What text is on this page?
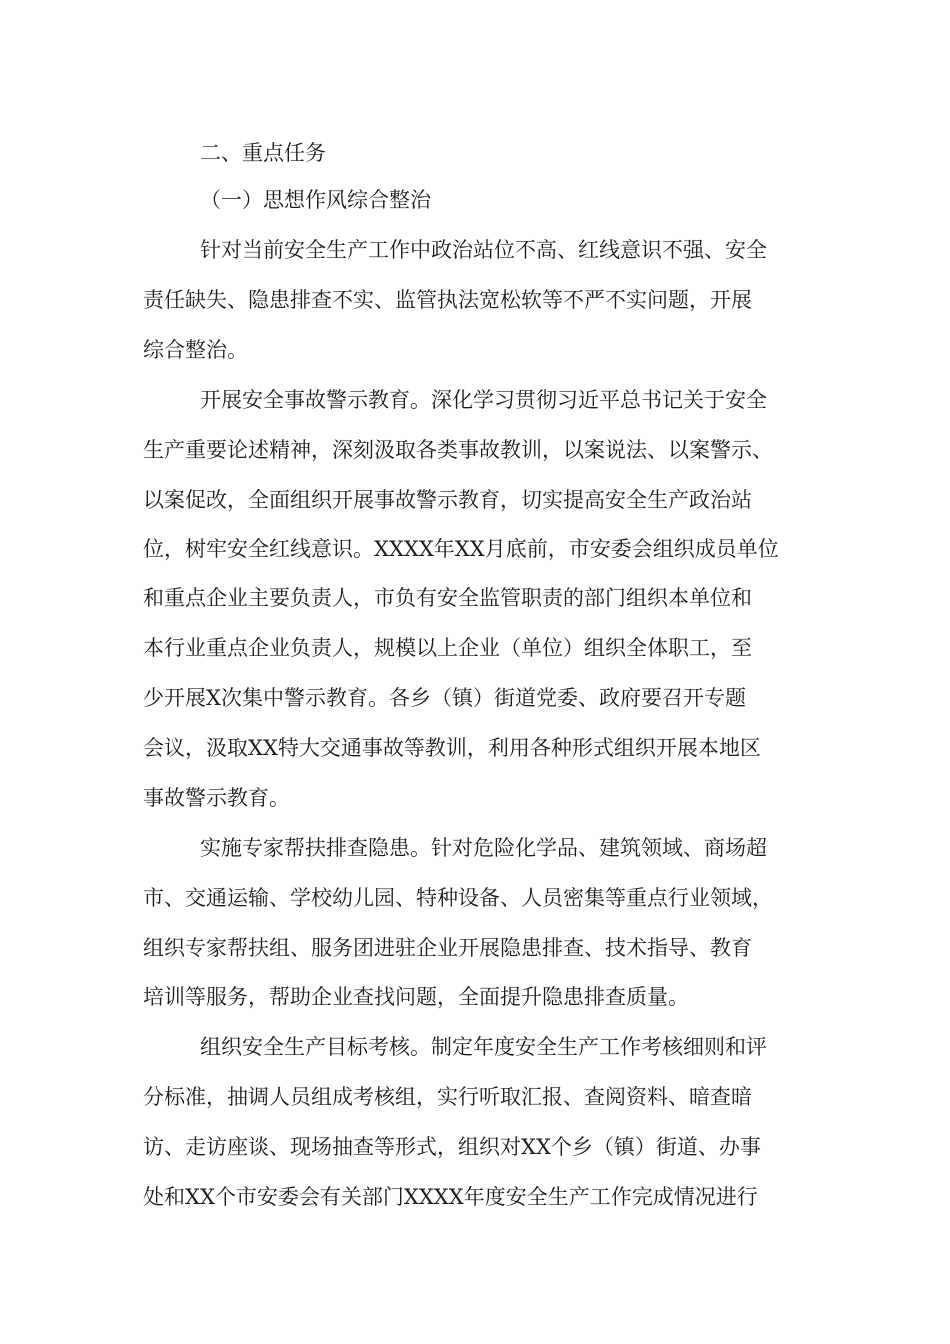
二、重点任务
（一）思想作风综合整治
针对当前安全生产工作中政治站位不高、红线意识不强、安全
责任缺失、隐患排查不实、监管执法宽松软等不严不实问题，开展
综合整治。
开展安全事故警示教育。深化学习贯彻习近平总书记关于安全
生产重要论述精神，深刻汲取各类事故教训，以案说法、以案警示、
以案促改，全面组织开展事故警示教育，切实提高安全生产政治站
位，树牢安全红线意识。XXXX年XX月底前，市安委会组织成员单位
和重点企业主要负责人，市负有安全监管职责的部门组织本单位和
本行业重点企业负责人，规模以上企业（单位）组织全体职工，至
少开展X次集中警示教育。各乡（镇）街道党委、政府要召开专题
会议，汲取XX特大交通事故等教训，利用各种形式组织开展本地区
事故警示教育。
实施专家帮扶排查隐患。针对危险化学品、建筑领域、商场超
市、交通运输、学校幼儿园、特种设备、人员密集等重点行业领域，
组织专家帮扶组、服务团进驻企业开展隐患排查、技术指导、教育
培训等服务，帮助企业查找问题，全面提升隐患排查质量。
组织安全生产目标考核。制定年度安全生产工作考核细则和评
分标准，抽调人员组成考核组，实行听取汇报、查阅资料、暗查暗
访、走访座谈、现场抽查等形式，组织对XX个乡（镇）街道、办事
处和XX个市安委会有关部门XXXX年度安全生产工作完成情况进行
